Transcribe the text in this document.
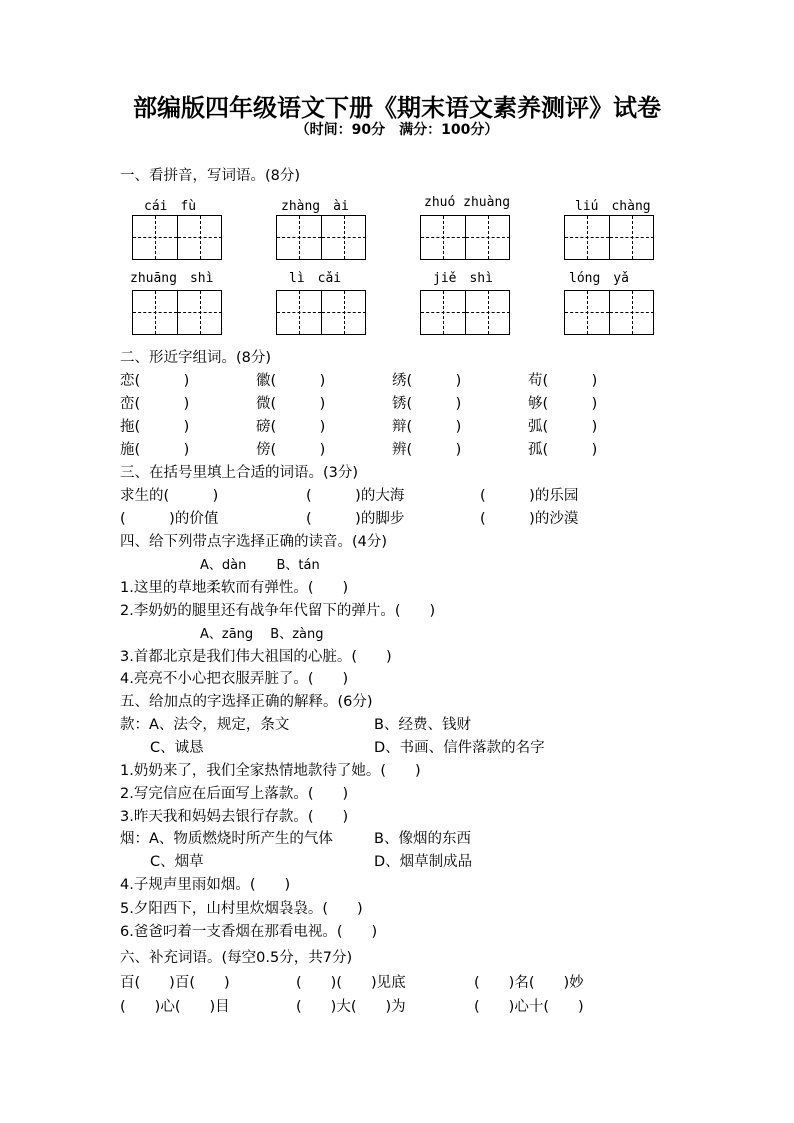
部编版四年级语文下册《期末语文素养测评》试卷
（时间：90分　满分：100分）
一、看拼音，写词语。(8分)
cái　fù	zhàng　ài	zhuó zhuàng	liú　chàng
zhuāng　shì	lì　cǎi	jiě　shì	lóng　yǎ
二、形近字组词。(8分)
恋(　　　)	徽(　　　)	绣(　　　)	苟(　　　)
峦(　　　)	微(　　　)	锈(　　　)	够(　　　)
拖(　　　)	磅(　　　)	辩(　　　)	弧(　　　)
施(　　　)	傍(　　　)	辨(　　　)	孤(　　　)
三、在括号里填上合适的词语。(3分)
求生的(　　　)	(　　　)的大海	(　　　)的乐园
(　　　)的价值	(　　　)的脚步	(　　　)的沙漠
四、给下列带点字选择正确的读音。(4分)
A、dàn　　 B、tán
1.这里的草地柔软而有弹性。(　　)
2.李奶奶的腿里还有战争年代留下的弹片。(　　)
A、zāng　 B、zàng
3.首都北京是我们伟大祖国的心脏。(　　)
4.亮亮不小心把衣服弄脏了。(　　)
五、给加点的字选择正确的解释。(6分)
款：A、法令，规定，条文	B、经费、钱财
C、诚恳	D、书画、信件落款的名字
1.奶奶来了，我们全家热情地款待了她。(　　)
2.写完信应在后面写上落款。(　　)
3.昨天我和妈妈去银行存款。(　　)
烟：A、物质燃烧时所产生的气体	B、像烟的东西
C、烟草	D、烟草制成品
4.子规声里雨如烟。(　　)
5.夕阳西下，山村里炊烟袅袅。(　　)
6.爸爸叼着一支香烟在那看电视。(　　)
六、补充词语。(每空0.5分，共7分)
百(　　)百(　　)	(　　)(　　)见底	(　　)名(　　)妙
(　　)心(　　)目	(　　)大(　　)为	(　　)心十(　　)
